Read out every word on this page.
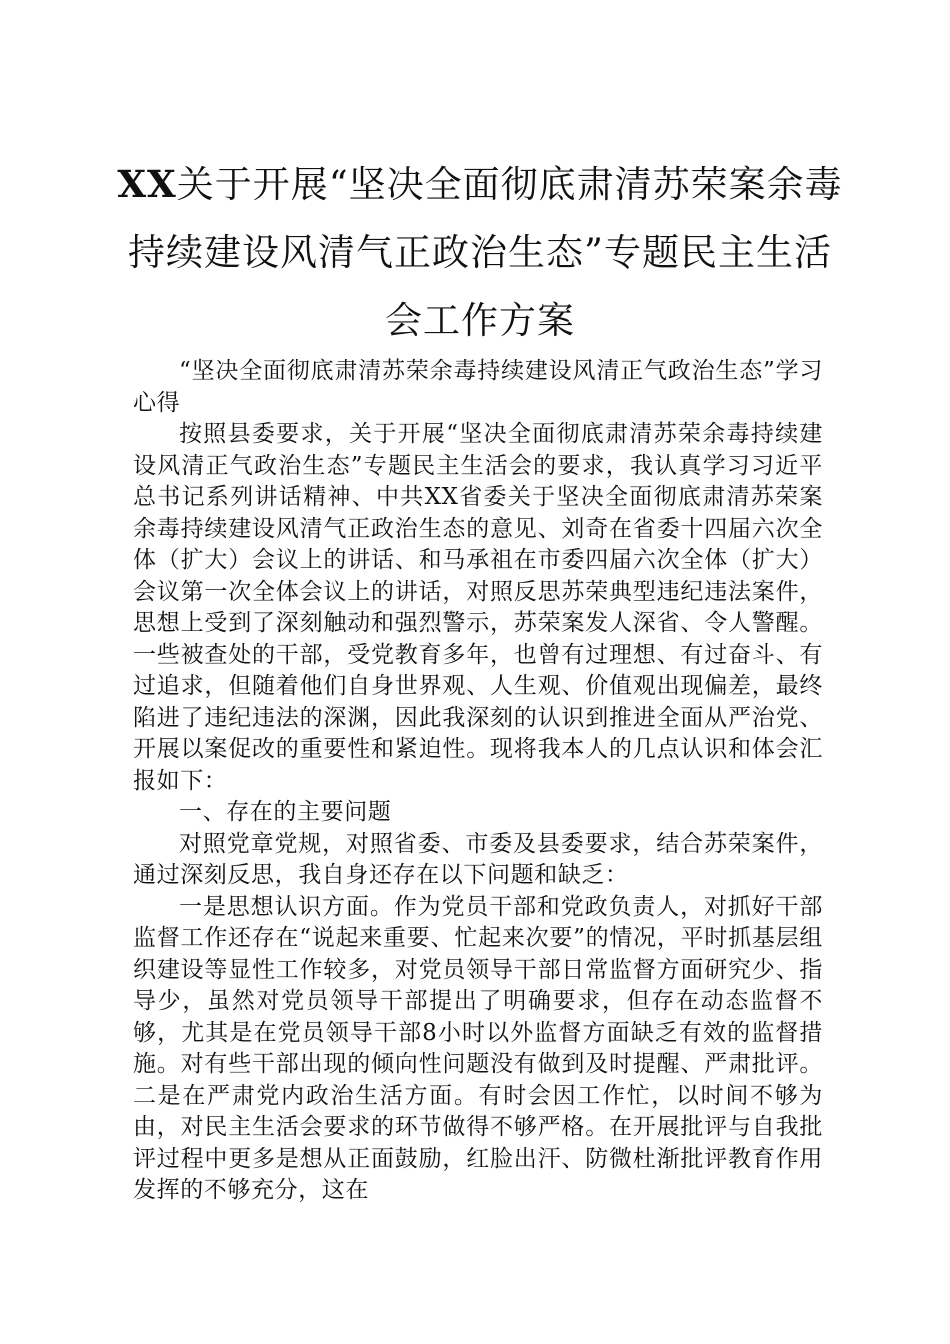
XX关于开展“坚决全面彻底肃清苏荣案余毒
持续建设风清气正政治生态”专题民主生活
会工作方案

“坚决全面彻底肃清苏荣余毒持续建设风清正气政治生态”学习心得

按照县委要求，关于开展“坚决全面彻底肃清苏荣余毒持续建设风清正气政治生态”专题民主生活会的要求，我认真学习习近平总书记系列讲话精神、中共XX省委关于坚决全面彻底肃清苏荣案余毒持续建设风清气正政治生态的意见、刘奇在省委十四届六次全体（扩大）会议上的讲话、和马承祖在市委四届六次全体（扩大）会议第一次全体会议上的讲话，对照反思苏荣典型违纪违法案件，思想上受到了深刻触动和强烈警示，苏荣案发人深省、令人警醒。一些被查处的干部，受党教育多年，也曾有过理想、有过奋斗、有过追求，但随着他们自身世界观、人生观、价值观出现偏差，最终陷进了违纪违法的深渊，因此我深刻的认识到推进全面从严治党、开展以案促改的重要性和紧迫性。现将我本人的几点认识和体会汇报如下：

一、存在的主要问题

对照党章党规，对照省委、市委及县委要求，结合苏荣案件，通过深刻反思，我自身还存在以下问题和缺乏：

一是思想认识方面。作为党员干部和党政负责人，对抓好干部监督工作还存在“说起来重要、忙起来次要”的情况，平时抓基层组织建设等显性工作较多，对党员领导干部日常监督方面研究少、指导少，虽然对党员领导干部提出了明确要求，但存在动态监督不够，尤其是在党员领导干部8小时以外监督方面缺乏有效的监督措施。对有些干部出现的倾向性问题没有做到及时提醒、严肃批评。二是在严肃党内政治生活方面。有时会因工作忙，以时间不够为由，对民主生活会要求的环节做得不够严格。在开展批评与自我批评过程中更多是想从正面鼓励，红脸出汗、防微杜渐批评教育作用发挥的不够充分，这在
